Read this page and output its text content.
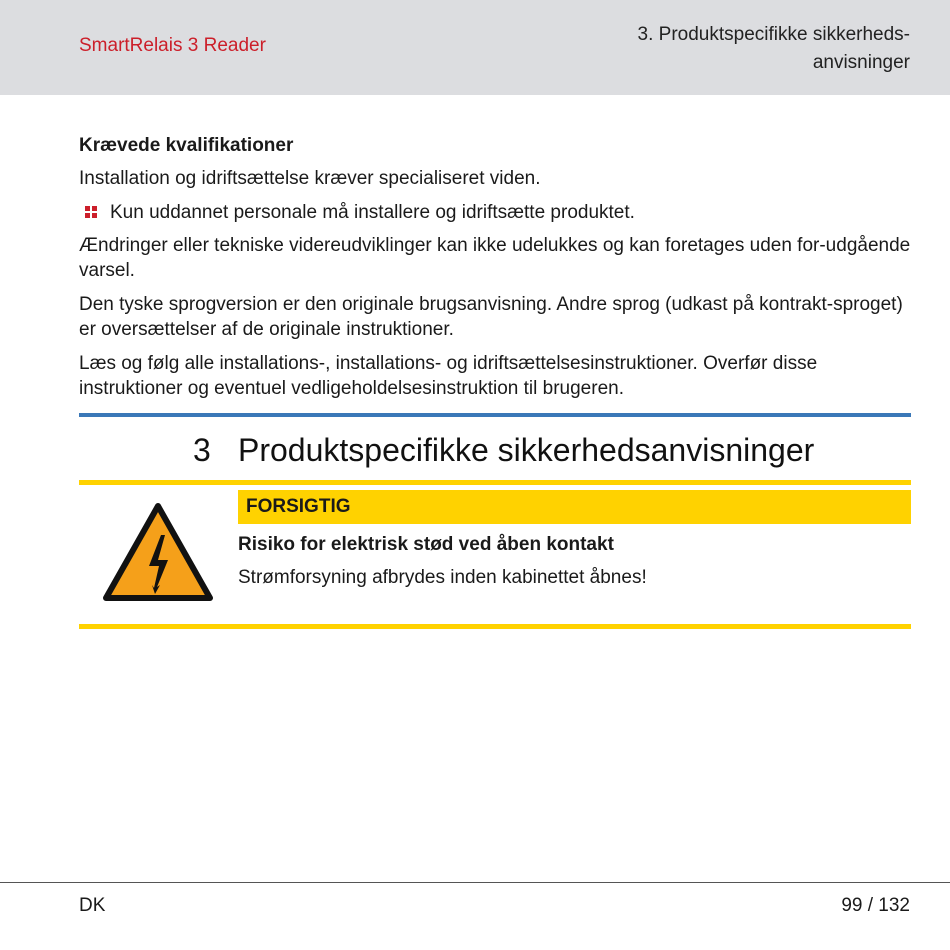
SmartRelais 3 Reader
3. Produktspecifikke sikkerheds-
anvisninger
Krævede kvalifikationer
Installation og idriftsættelse kræver specialiseret viden.
Kun uddannet personale må installere og idriftsætte produktet.
Ændringer eller tekniske videreudviklinger kan ikke udelukkes og kan foretages uden for-udgående varsel.
Den tyske sprogversion er den originale brugsanvisning. Andre sprog (udkast på kontrakt-sproget) er oversættelser af de originale instruktioner.
Læs og følg alle installations-, installations- og idriftsættelsesinstruktioner. Overfør disse instruktioner og eventuel vedligeholdelsesinstruktion til brugeren.
3 Produktspecifikke sikkerhedsanvisninger
FORSIGTIG
Risiko for elektrisk stød ved åben kontakt
Strømforsyning afbrydes inden kabinettet åbnes!
DK	99 / 132
